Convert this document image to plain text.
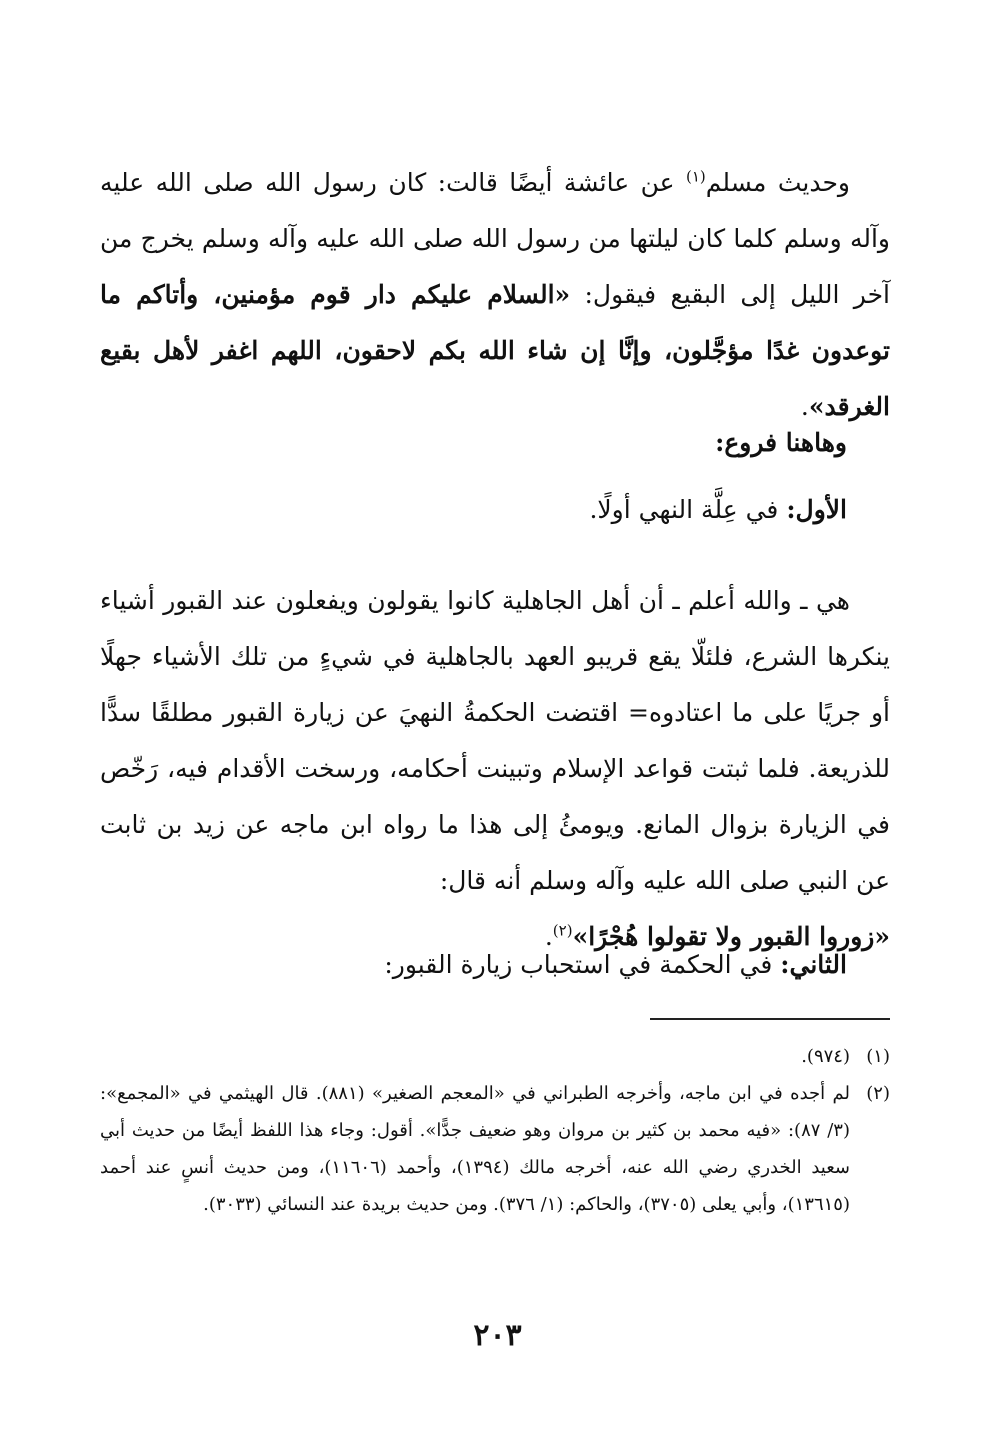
وحديث مسلم$^{(١)}$ عن عائشة أيضًا قالت: كان رسول الله صلى الله عليه وآله وسلم كلما كان ليلتها من رسول الله صلى الله عليه وآله وسلم يخرج من آخر الليل إلى البقيع فيقول: «السلام عليكم دار قوم مؤمنين، وأتاكم ما توعدون غدًا مؤجَّلون، وإنَّا إن شاء الله بكم لاحقون، اللهم اغفر لأهل بقيع الغرقد».

وهاهنا فروع:
الأول: في عِلَّة النهي أولًا.

هي ـ والله أعلم ـ أن أهل الجاهلية كانوا يقولون ويفعلون عند القبور أشياء ينكرها الشرع، فلئلّا يقع قريبو العهد بالجاهلية في شيءٍ من تلك الأشياء جهلًا أو جريًا على ما اعتادوه= اقتضت الحكمةُ النهيَ عن زيارة القبور مطلقًا سدًّا للذريعة. فلما ثبتت قواعد الإسلام وتبينت أحكامه، ورسخت الأقدام فيه، رَخّص في الزيارة بزوال المانع. ويومئُ إلى هذا ما رواه ابن ماجه عن زيد بن ثابت عن النبي صلى الله عليه وآله وسلم أنه قال:
«زوروا القبور ولا تقولوا هُجْرًا»$^{(٢)}$.

الثاني: في الحكمة في استحباب زيارة القبور:
(١)
(٩٧٤).
(٢)
لم أجده في ابن ماجه، وأخرجه الطبراني في «المعجم الصغير» (٨٨١). قال الهيثمي في «المجمع»: (٣/ ٨٧): «فيه محمد بن كثير بن مروان وهو ضعيف جدًّا». أقول: وجاء هذا اللفظ أيضًا من حديث أبي سعيد الخدري رضي الله عنه، أخرجه مالك (١٣٩٤)، وأحمد (١١٦٠٦)، ومن حديث أنسٍ عند أحمد (١٣٦١٥)، وأبي يعلى (٣٧٠٥)، والحاكم: (١/ ٣٧٦). ومن حديث بريدة عند النسائي (٣٠٣٣).
٢٠٣
